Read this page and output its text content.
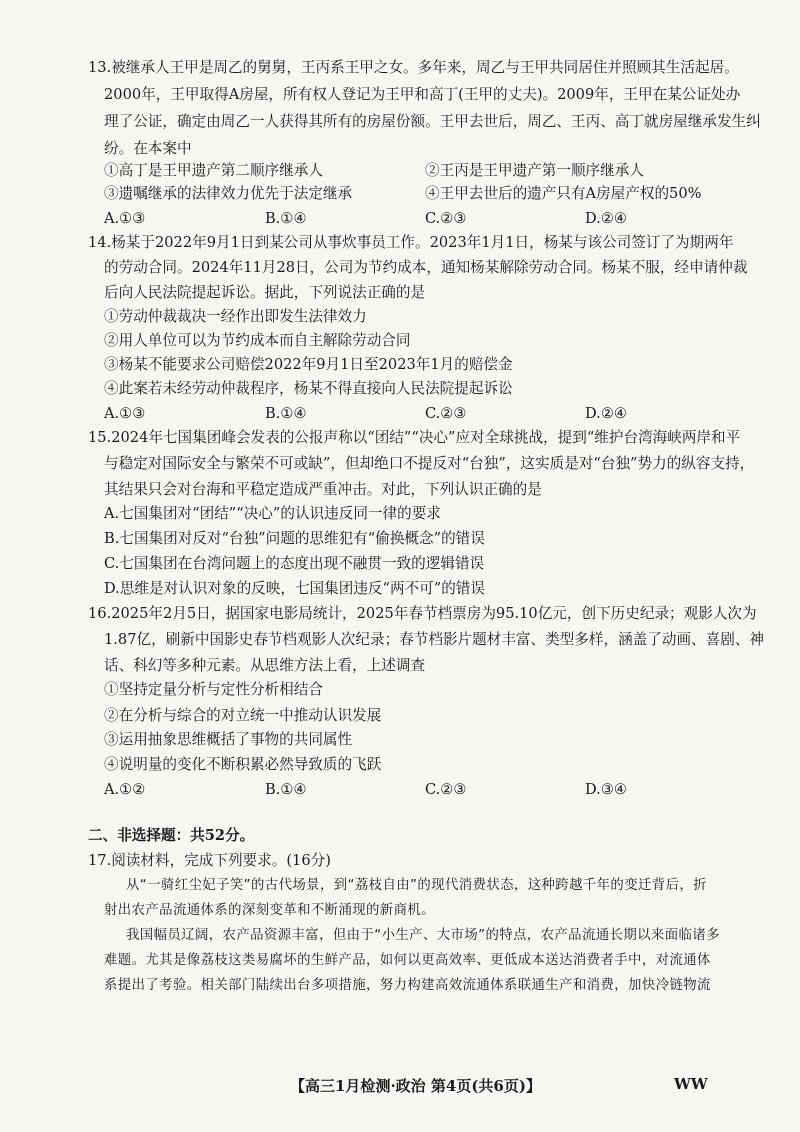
13.被继承人王甲是周乙的舅舅，王丙系王甲之女。多年来，周乙与王甲共同居住并照顾其生活起居。
2000年，王甲取得A房屋，所有权人登记为王甲和高丁(王甲的丈夫)。2009年，王甲在某公证处办
理了公证，确定由周乙一人获得其所有的房屋份额。王甲去世后，周乙、王丙、高丁就房屋继承发生纠
纷。在本案中
①高丁是王甲遗产第二顺序继承人	②王丙是王甲遗产第一顺序继承人
③遗嘱继承的法律效力优先于法定继承	④王甲去世后的遗产只有A房屋产权的50%
A.①③	B.①④	C.②③	D.②④
14.杨某于2022年9月1日到某公司从事炊事员工作。2023年1月1日，杨某与该公司签订了为期两年
的劳动合同。2024年11月28日，公司为节约成本，通知杨某解除劳动合同。杨某不服，经申请仲裁
后向人民法院提起诉讼。据此，下列说法正确的是
①劳动仲裁裁决一经作出即发生法律效力
②用人单位可以为节约成本而自主解除劳动合同
③杨某不能要求公司赔偿2022年9月1日至2023年1月的赔偿金
④此案若未经劳动仲裁程序，杨某不得直接向人民法院提起诉讼
A.①③	B.①④	C.②③	D.②④
15.2024年七国集团峰会发表的公报声称以“团结”“决心”应对全球挑战，提到“维护台湾海峡两岸和平
与稳定对国际安全与繁荣不可或缺”，但却绝口不提反对“台独”，这实质是对“台独”势力的纵容支持，
其结果只会对台海和平稳定造成严重冲击。对此，下列认识正确的是
A.七国集团对“团结”“决心”的认识违反同一律的要求
B.七国集团对反对“台独”问题的思维犯有“偷换概念”的错误
C.七国集团在台湾问题上的态度出现不融贯一致的逻辑错误
D.思维是对认识对象的反映，七国集团违反“两不可”的错误
16.2025年2月5日，据国家电影局统计，2025年春节档票房为95.10亿元，创下历史纪录；观影人次为
1.87亿，刷新中国影史春节档观影人次纪录；春节档影片题材丰富、类型多样，涵盖了动画、喜剧、神
话、科幻等多种元素。从思维方法上看，上述调查
①坚持定量分析与定性分析相结合
②在分析与综合的对立统一中推动认识发展
③运用抽象思维概括了事物的共同属性
④说明量的变化不断积累必然导致质的飞跃
A.①②	B.①④	C.②③	D.③④
二、非选择题：共52分。
17.阅读材料，完成下列要求。(16分)
从“一骑红尘妃子笑”的古代场景，到“荔枝自由”的现代消费状态，这种跨越千年的变迁背后，折
射出农产品流通体系的深刻变革和不断涌现的新商机。
我国幅员辽阔，农产品资源丰富，但由于“小生产、大市场”的特点，农产品流通长期以来面临诸多
难题。尤其是像荔枝这类易腐坏的生鲜产品，如何以更高效率、更低成本送达消费者手中，对流通体
系提出了考验。相关部门陆续出台多项措施，努力构建高效流通体系联通生产和消费，加快冷链物流
【高三1月检测·政治 第4页(共6页)】	WW
